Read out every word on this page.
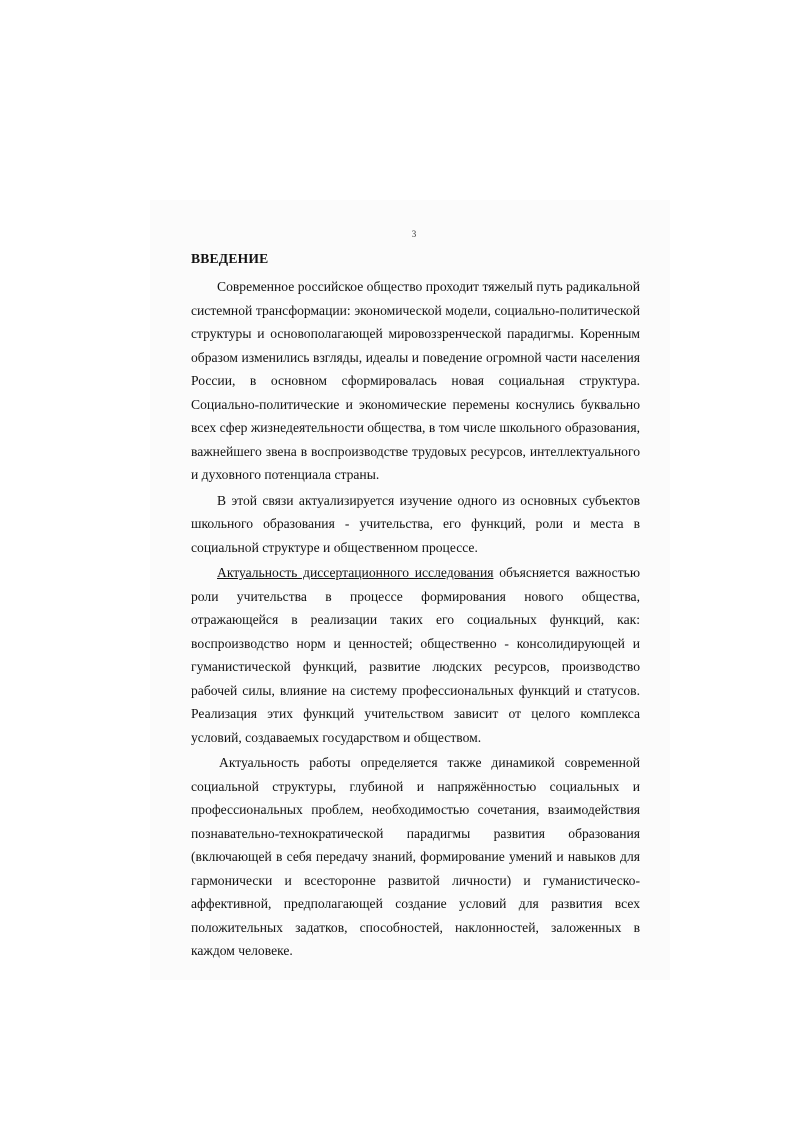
3
ВВЕДЕНИЕ

Современное российское общество проходит тяжелый путь радикальной системной трансформации: экономической модели, социально-политической структуры и основополагающей мировоззренческой парадигмы. Коренным образом изменились взгляды, идеалы и поведение огромной части населения России, в основном сформировалась новая социальная структура. Социально-политические и экономические перемены коснулись буквально всех сфер жизнедеятельности общества, в том числе школьного образования, важнейшего звена в воспроизводстве трудовых ресурсов, интеллектуального и духовного потенциала страны.

В этой связи актуализируется изучение одного из основных субъектов школьного образования - учительства, его функций, роли и места в социальной структуре и общественном процессе.

Актуальность диссертационного исследования объясняется важностью роли учительства в процессе формирования нового общества, отражающейся в реализации таких его социальных функций, как: воспроизводство норм и ценностей; общественно - консолидирующей и гуманистической функций, развитие людских ресурсов, производство рабочей силы, влияние на систему профессиональных функций и статусов. Реализация этих функций учительством зависит от целого комплекса условий, создаваемых государством и обществом.

Актуальность работы определяется также динамикой современной социальной структуры, глубиной и напряжённостью социальных и профессиональных проблем, необходимостью сочетания, взаимодействия познавательно-технократической парадигмы развития образования (включающей в себя передачу знаний, формирование умений и навыков для гармонически и всесторонне развитой личности) и гуманистическо-аффективной, предполагающей создание условий для развития всех положительных задатков, способностей, наклонностей, заложенных в каждом человеке.
